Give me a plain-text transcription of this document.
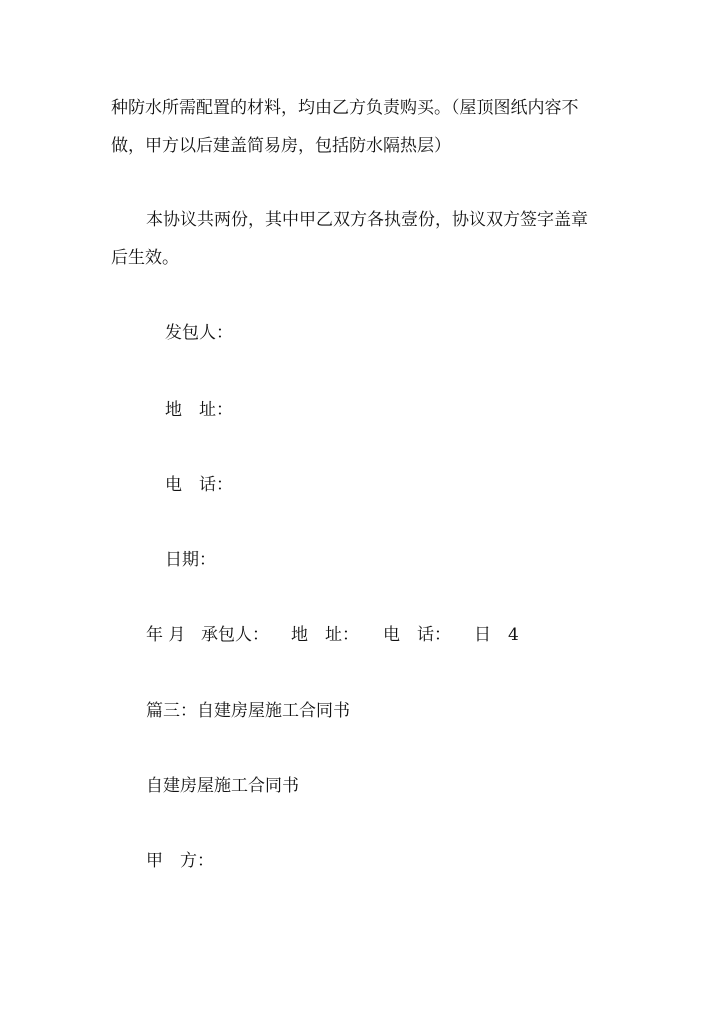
种防水所需配置的材料，均由乙方负责购买。（屋顶图纸内容不
做，甲方以后建盖简易房，包括防水隔热层）
本协议共两份，其中甲乙双方各执壹份，协议双方签字盖章
后生效。
发包人：
地　址：
电　话：
日期：
年 月 承包人： 地　址： 电　话： 日 4
篇三：自建房屋施工合同书
自建房屋施工合同书
甲　方：
